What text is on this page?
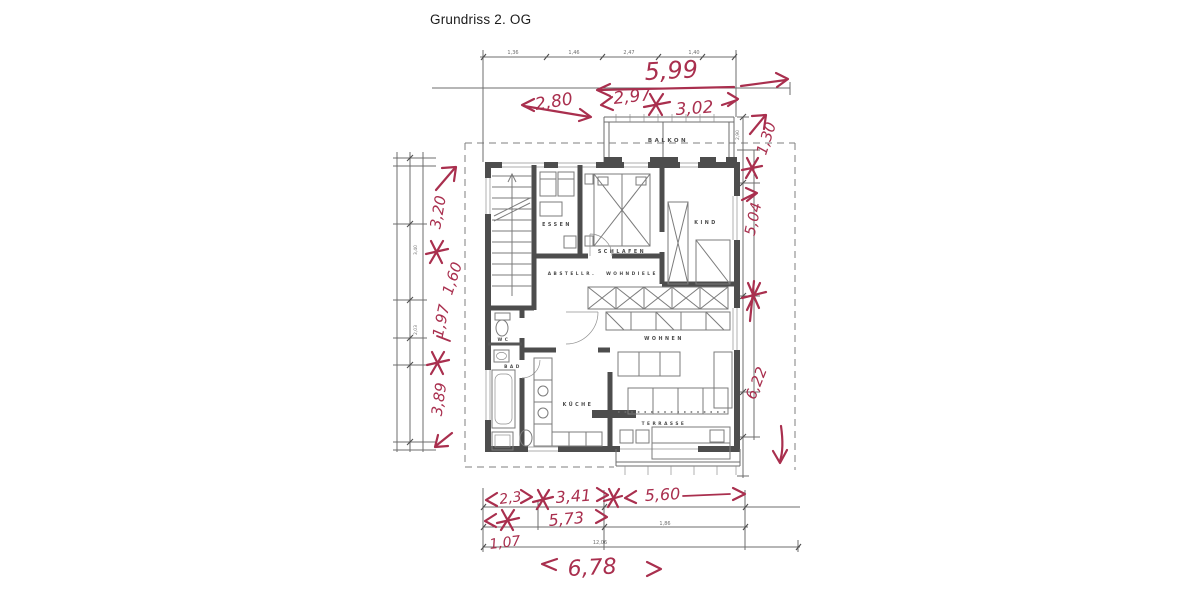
Grundriss 2. OG
1,36	1,46	2,47	1,40
3,40
2,03
2,90
3,95
1,20
BALKON
ESSEN
SCHLAFEN
KIND
ABSTELLR. WOHNDIELE
WC
BAD
KÜCHE
WOHNEN
TERRASSE
1,86
12,06
5,99
2,80 2,97 3,02
1,30
5,04
6,22
3,20
1,60
1,97
3,89
2,3 3,41	5,60
5,73
1,07
6,78
